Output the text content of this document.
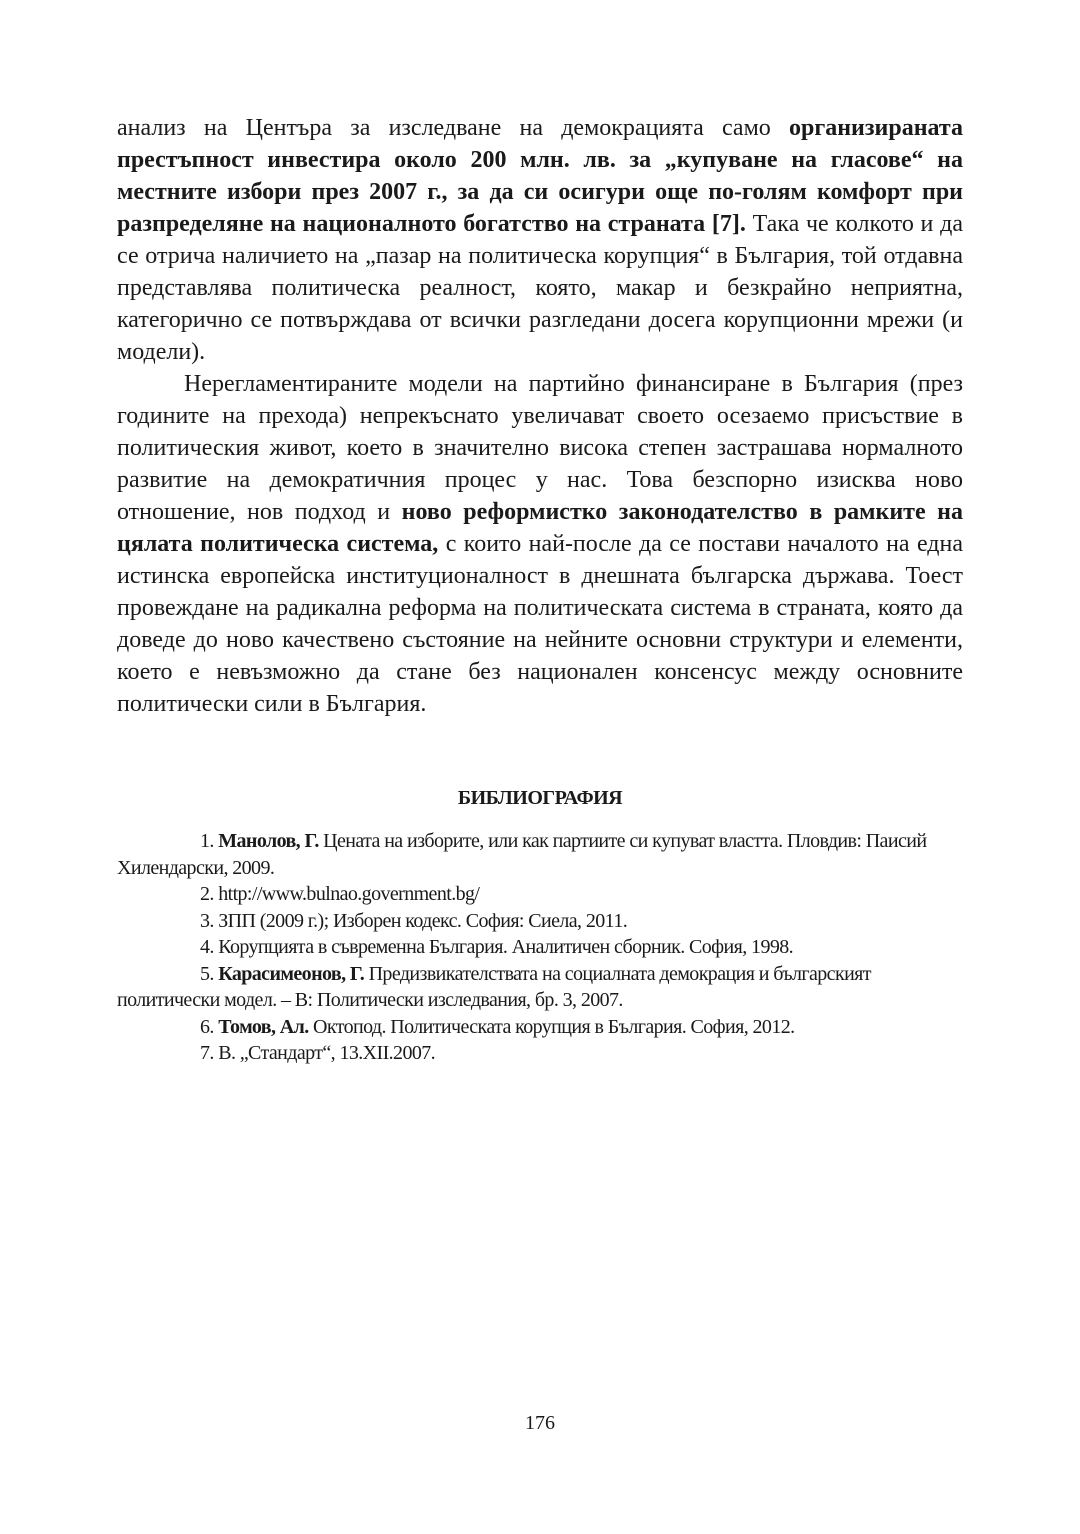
анализ на Центъра за изследване на демокрацията само организираната престъпност инвестира около 200 млн. лв. за „купуване на гласове“ на местните избори през 2007 г., за да си осигури още по-голям комфорт при разпределяне на националното богатство на страната [7]. Така че колкото и да се отрича наличието на „пазар на политическа корупция“ в България, той отдавна представлява политическа реалност, която, макар и безкрайно неприятна, категорично се потвърждава от всички разгледани досега корупционни мрежи (и модели).

Нерегламентираните модели на партийно финансиране в България (през годините на прехода) непрекъснато увеличават своето осезаемо присъствие в политическия живот, което в значително висока степен застрашава нормалното развитие на демократичния процес у нас. Това безспорно изисква ново отношение, нов подход и ново реформистко законодателство в рамките на цялата политическа система, с които най-после да се постави началото на една истинска европейска институционалност в днешната българска държава. Тоест провеждане на радикална реформа на политическата система в страната, която да доведе до ново качествено състояние на нейните основни структури и елементи, което е невъзможно да стане без национален консенсус между основните политически сили в България.

БИБЛИОГРАФИЯ

1. Манолов, Г. Цената на изборите, или как партиите си купуват властта. Пловдив: Паисий Хилендарски, 2009.

2. http://www.bulnao.government.bg/

3. ЗПП (2009 г.); Изборен кодекс. София: Сиела, 2011.

4. Корупцията в съвременна България. Аналитичен сборник. София, 1998.

5. Карасимеонов, Г. Предизвикателствата на социалната демокрация и българският политически модел. – В: Политически изследвания, бр. 3, 2007.

6. Томов, Ал. Октопод. Политическата корупция в България. София, 2012.

7. В. „Стандарт“, 13.XII.2007.

176
